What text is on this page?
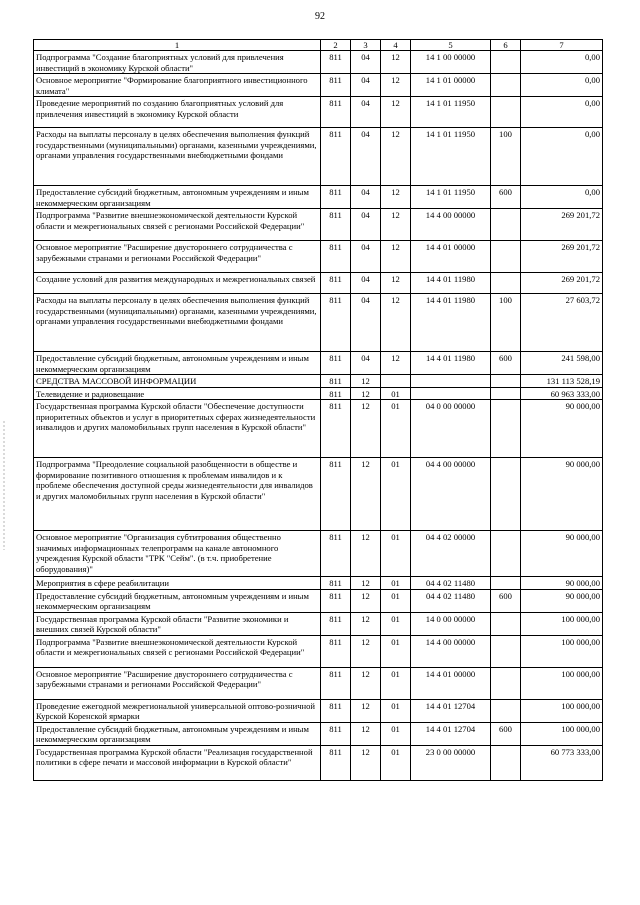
92
1	2	3	4	5	6	7
Подпрограмма "Создание благоприятных условий для привлечения инвестиций в экономику Курской области"	811	04	12	14 1 00 00000		0,00
Основное мероприятие "Формирование благоприятного инвестиционного климата"	811	04	12	14 1 01 00000		0,00
Проведение мероприятий по созданию благоприятных условий для привлечения инвестиций в экономику Курской области	811	04	12	14 1 01 11950		0,00
Расходы на выплаты персоналу в целях обеспечения выполнения функций государственными (муниципальными) органами, казенными учреждениями, органами управления государственными внебюджетными фондами	811	04	12	14 1 01 11950	100	0,00
Предоставление субсидий бюджетным, автономным учреждениям и иным некоммерческим организациям	811	04	12	14 1 01 11950	600	0,00
Подпрограмма "Развитие внешнеэкономической деятельности Курской области и межрегиональных связей с регионами Российской Федерации"	811	04	12	14 4 00 00000		269 201,72
Основное мероприятие "Расширение двустороннего сотрудничества с зарубежными странами и регионами Российской Федерации"	811	04	12	14 4 01 00000		269 201,72
Создание условий для развития международных и межрегиональных связей	811	04	12	14 4 01 11980		269 201,72
Расходы на выплаты персоналу в целях обеспечения выполнения функций государственными (муниципальными) органами, казенными учреждениями, органами управления государственными внебюджетными фондами	811	04	12	14 4 01 11980	100	27 603,72
Предоставление субсидий бюджетным, автономным учреждениям и иным некоммерческим организациям	811	04	12	14 4 01 11980	600	241 598,00
СРЕДСТВА МАССОВОЙ ИНФОРМАЦИИ	811	12				131 113 528,19
Телевидение и радиовещание	811	12	01			60 963 333,00
Государственная программа Курской области "Обеспечение доступности приоритетных объектов и услуг в приоритетных сферах жизнедеятельности инвалидов и других маломобильных групп населения в Курской области"	811	12	01	04 0 00 00000		90 000,00
Подпрограмма "Преодоление социальной разобщенности в обществе и формирование позитивного отношения к проблемам инвалидов и к проблеме обеспечения доступной среды жизнедеятельности для инвалидов и других маломобильных групп населения в Курской области"	811	12	01	04 4 00 00000		90 000,00
Основное мероприятие "Организация субтитрования общественно значимых информационных телепрограмм на канале автономного учреждения Курской области "ТРК "Сейм". (в т.ч. приобретение оборудования)"	811	12	01	04 4 02 00000		90 000,00
Мероприятия в сфере реабилитации	811	12	01	04 4 02 11480		90 000,00
Предоставление субсидий бюджетным, автономным учреждениям и иным некоммерческим организациям	811	12	01	04 4 02 11480	600	90 000,00
Государственная программа Курской области "Развитие экономики и внешних связей Курской области"	811	12	01	14 0 00 00000		100 000,00
Подпрограмма "Развитие внешнеэкономической деятельности Курской области и межрегиональных связей с регионами Российской Федерации"	811	12	01	14 4 00 00000		100 000,00
Основное мероприятие "Расширение двустороннего сотрудничества с зарубежными странами и регионами Российской Федерации"	811	12	01	14 4 01 00000		100 000,00
Проведение ежегодной межрегиональной универсальной оптово-розничной Курской Коренской ярмарки	811	12	01	14 4 01 12704		100 000,00
Предоставление субсидий бюджетным, автономным учреждениям и иным некоммерческим организациям	811	12	01	14 4 01 12704	600	100 000,00
Государственная программа Курской области "Реализация государственной политики в сфере печати и массовой информации в Курской области"	811	12	01	23 0 00 00000		60 773 333,00
